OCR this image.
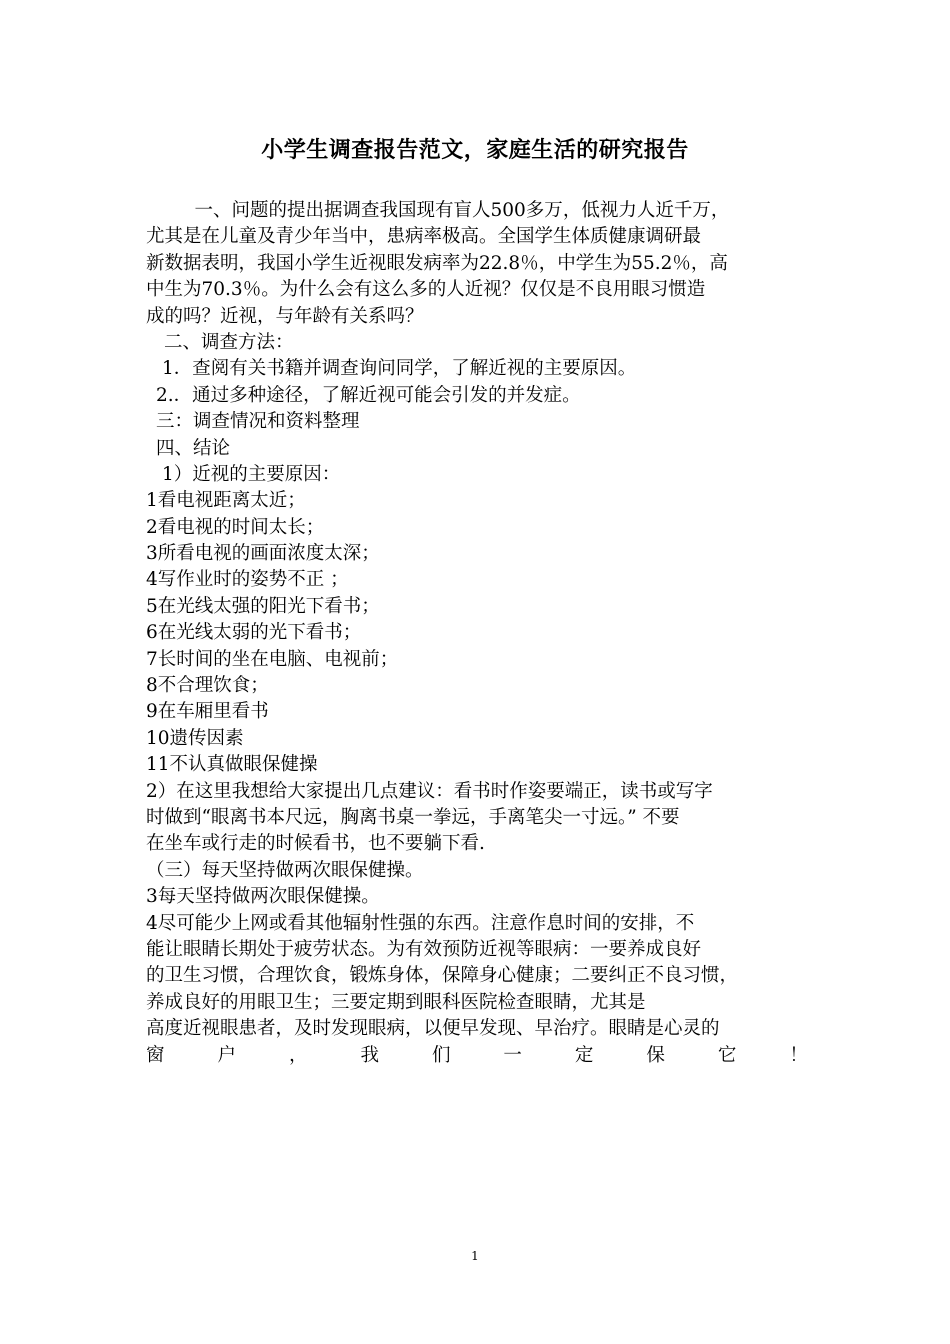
小学生调查报告范文，家庭生活的研究报告
　一、问题的提出据调查我国现有盲人500多万，低视力人近千万，
尤其是在儿童及青少年当中，患病率极高。全国学生体质健康调研最
新数据表明，我国小学生近视眼发病率为22.8％，中学生为55.2％，高
中生为70.3％。为什么会有这么多的人近视？仅仅是不良用眼习惯造
成的吗？近视，与年龄有关系吗？
二、调查方法：
1．查阅有关书籍并调查询问同学，了解近视的主要原因。
2.．通过多种途径，了解近视可能会引发的并发症。
三：调查情况和资料整理
四、结论
1）近视的主要原因：
1看电视距离太近；
2看电视的时间太长；
3所看电视的画面浓度太深；
4写作业时的姿势不正 ；
5在光线太强的阳光下看书；
6在光线太弱的光下看书；
7长时间的坐在电脑、电视前；
8不合理饮食；
9在车厢里看书
10遗传因素
11不认真做眼保健操
2）在这里我想给大家提出几点建议：看书时作姿要端正，读书或写字
时做到“眼离书本尺远，胸离书桌一拳远，手离笔尖一寸远。” 不要
在坐车或行走的时候看书，也不要躺下看.
（三）每天坚持做两次眼保健操。
3每天坚持做两次眼保健操。
4尽可能少上网或看其他辐射性强的东西。注意作息时间的安排，不
能让眼睛长期处于疲劳状态。为有效预防近视等眼病：一要养成良好
的卫生习惯，合理饮食，锻炼身体，保障身心健康；二要纠正不良习惯，
养成良好的用眼卫生；三要定期到眼科医院检查眼睛，尤其是
高度近视眼患者，及时发现眼病，以便早发现、早治疗。眼睛是心灵的
窗	户	，	我	们	一	定	保	它	！
1
